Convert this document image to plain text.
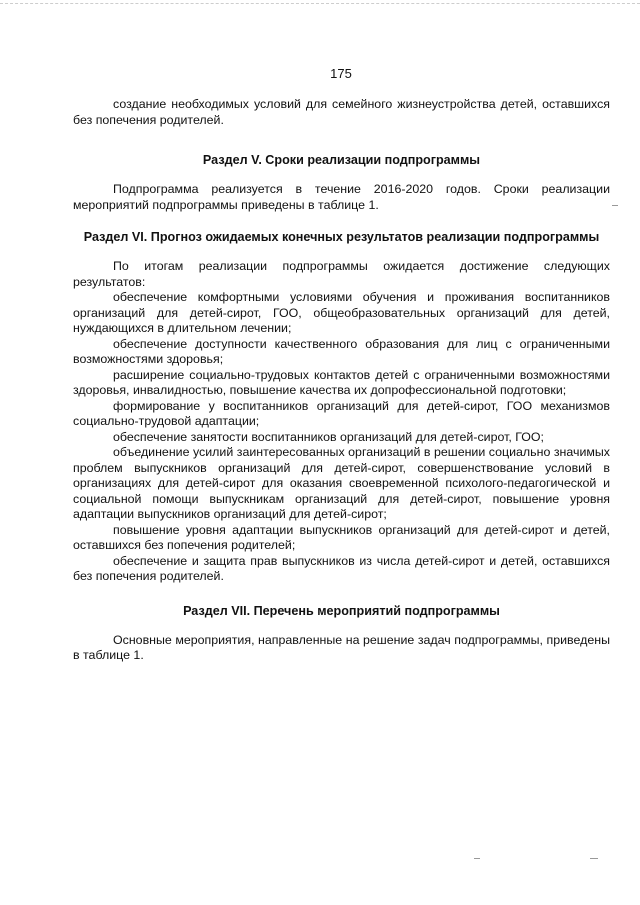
175

создание необходимых условий для семейного жизнеустройства детей, оставшихся без попечения родителей.

Раздел V. Сроки реализации подпрограммы

Подпрограмма реализуется в течение 2016-2020 годов. Сроки реализации мероприятий подпрограммы приведены в таблице 1.

Раздел VI. Прогноз ожидаемых конечных результатов реализации подпрограммы

По итогам реализации подпрограммы ожидается достижение следующих результатов:

обеспечение комфортными условиями обучения и проживания воспитанников организаций для детей-сирот, ГОО, общеобразовательных организаций для детей, нуждающихся в длительном лечении;

обеспечение доступности качественного образования для лиц с ограниченными возможностями здоровья;

расширение социально-трудовых контактов детей с ограниченными возможностями здоровья, инвалидностью, повышение качества их допрофессиональной подготовки;

формирование у воспитанников организаций для детей-сирот, ГОО механизмов социально-трудовой адаптации;

обеспечение занятости воспитанников организаций для детей-сирот, ГОО;

объединение усилий заинтересованных организаций в решении социально значимых проблем выпускников организаций для детей-сирот, совершенствование условий в организациях для детей-сирот для оказания своевременной психолого-педагогической и социальной помощи выпускникам организаций для детей-сирот, повышение уровня адаптации выпускников организаций для детей-сирот;

повышение уровня адаптации выпускников организаций для детей-сирот и детей, оставшихся без попечения родителей;

обеспечение и защита прав выпускников из числа детей-сирот и детей, оставшихся без попечения родителей.

Раздел VII. Перечень мероприятий подпрограммы

Основные мероприятия, направленные на решение задач подпрограммы, приведены в таблице 1.
